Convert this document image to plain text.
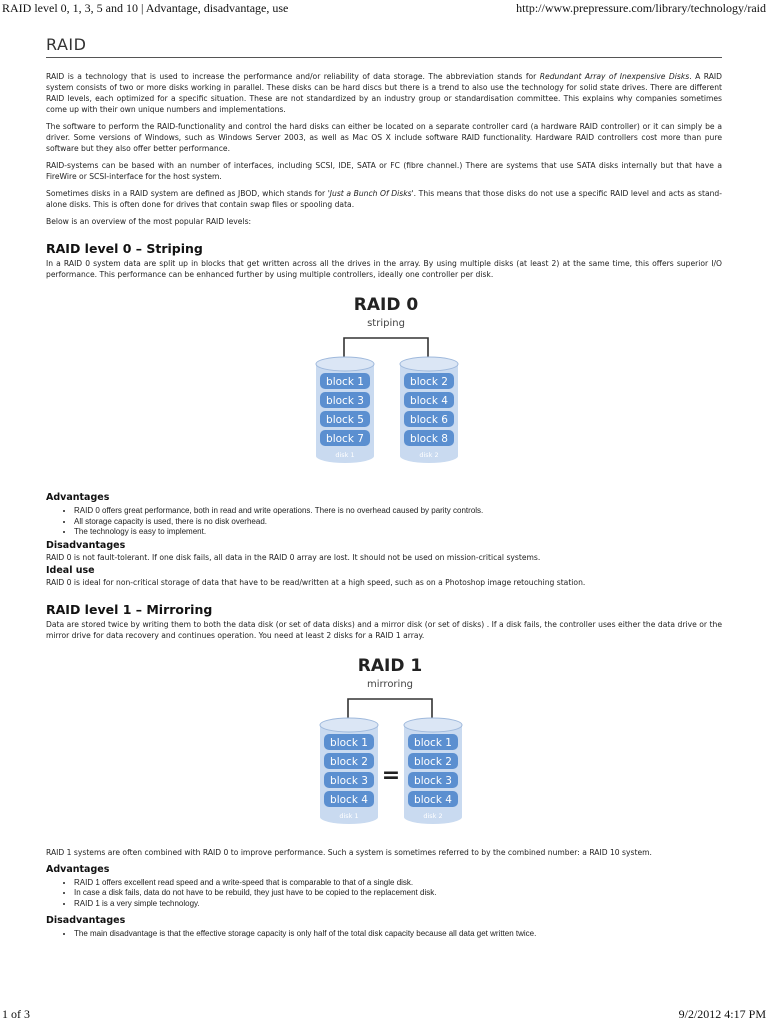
RAID level 0, 1, 3, 5 and 10 | Advantage, disadvantage, use	http://www.prepressure.com/library/technology/raid
RAID

RAID is a technology that is used to increase the performance and/or reliability of data storage. The abbreviation stands for Redundant Array of Inexpensive Disks. A RAID system consists of two or more disks working in parallel. These disks can be hard discs but there is a trend to also use the technology for solid state drives. There are different RAID levels, each optimized for a specific situation. These are not standardized by an industry group or standardisation committee. This explains why companies sometimes come up with their own unique numbers and implementations.

The software to perform the RAID-functionality and control the hard disks can either be located on a separate controller card (a hardware RAID controller) or it can simply be a driver. Some versions of Windows, such as Windows Server 2003, as well as Mac OS X include software RAID functionality. Hardware RAID controllers cost more than pure software but they also offer better performance.

RAID-systems can be based with an number of interfaces, including SCSI, IDE, SATA or FC (fibre channel.) There are systems that use SATA disks internally but that have a FireWire or SCSI-interface for the host system.

Sometimes disks in a RAID system are defined as JBOD, which stands for 'Just a Bunch Of Disks'. This means that those disks do not use a specific RAID level and acts as stand-alone disks. This is often done for drives that contain swap files or spooling data.

Below is an overview of the most popular RAID levels:

RAID level 0 – Striping

In a RAID 0 system data are split up in blocks that get written across all the drives in the array. By using multiple disks (at least 2) at the same time, this offers superior I/O performance. This performance can be enhanced further by using multiple controllers, ideally one controller per disk.

RAID 0
striping
block 1
block 3
block 5
block 7
disk 1
block 2
block 4
block 6
block 8
disk 2
Advantages
• RAID 0 offers great performance, both in read and write operations. There is no overhead caused by parity controls.
• All storage capacity is used, there is no disk overhead.
• The technology is easy to implement.
Disadvantages

RAID 0 is not fault-tolerant. If one disk fails, all data in the RAID 0 array are lost. It should not be used on mission-critical systems.

Ideal use

RAID 0 is ideal for non-critical storage of data that have to be read/written at a high speed, such as on a Photoshop image retouching station.

RAID level 1 – Mirroring

Data are stored twice by writing them to both the data disk (or set of data disks) and a mirror disk (or set of disks) . If a disk fails, the controller uses either the data drive or the mirror drive for data recovery and continues operation. You need at least 2 disks for a RAID 1 array.

RAID 1
mirroring
block 1
block 2
block 3
block 4
disk 1
=
block 1
block 2
block 3
block 4
disk 2

RAID 1 systems are often combined with RAID 0 to improve performance. Such a system is sometimes referred to by the combined number: a RAID 10 system.

Advantages
• RAID 1 offers excellent read speed and a write-speed that is comparable to that of a single disk.
• In case a disk fails, data do not have to be rebuild, they just have to be copied to the replacement disk.
• RAID 1 is a very simple technology.
Disadvantages
• The main disadvantage is that the effective storage capacity is only half of the total disk capacity because all data get written twice.
1 of 3	9/2/2012 4:17 PM
